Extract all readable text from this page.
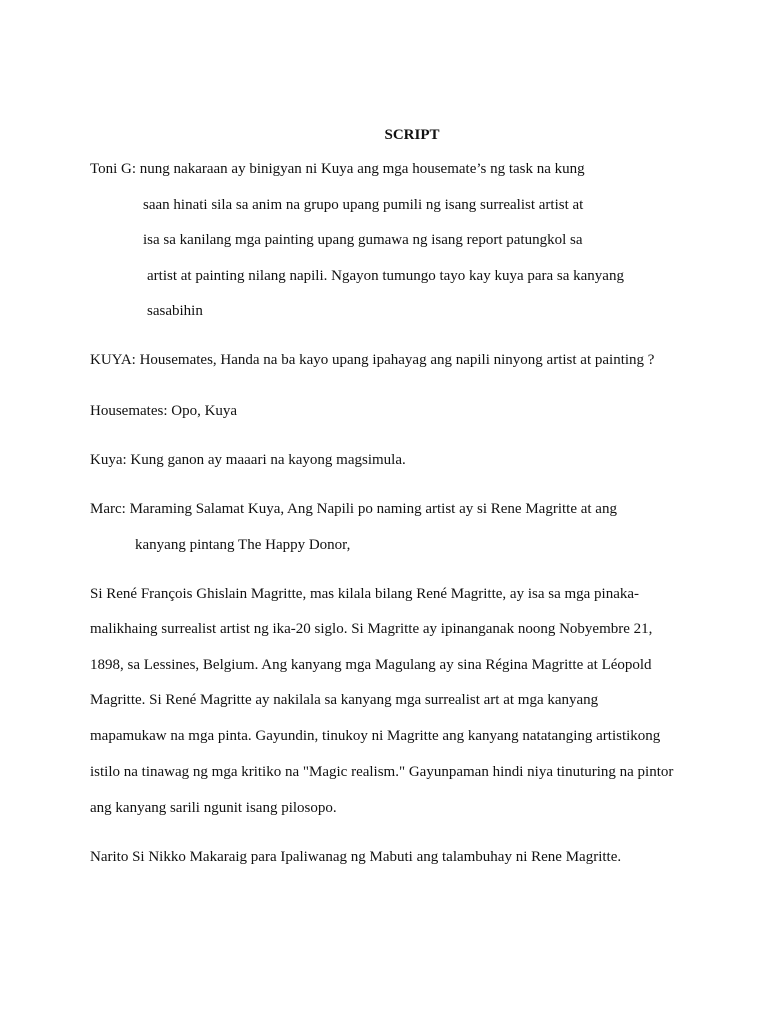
SCRIPT
Toni G: nung nakaraan ay binigyan ni Kuya ang mga housemate’s ng task na kung
saan hinati sila sa anim na grupo upang pumili ng isang surrealist artist at
isa sa kanilang mga painting upang gumawa ng isang report patungkol sa
artist at painting nilang napili. Ngayon tumungo tayo kay kuya para sa kanyang
sasabihin
KUYA: Housemates, Handa na ba kayo upang ipahayag ang napili ninyong artist at painting ?
Housemates: Opo, Kuya
Kuya: Kung ganon ay maaari na kayong magsimula.
Marc: Maraming Salamat Kuya, Ang Napili po naming artist ay si Rene Magritte at ang
kanyang pintang The Happy Donor,
Si René François Ghislain Magritte, mas kilala bilang René Magritte, ay isa sa mga pinaka-
malikhaing surrealist artist ng ika-20 siglo. Si Magritte ay ipinanganak noong Nobyembre 21,
1898, sa Lessines, Belgium. Ang kanyang mga Magulang ay sina Régina Magritte at Léopold
Magritte. Si René Magritte ay nakilala sa kanyang mga surrealist art at mga kanyang
mapamukaw na mga pinta. Gayundin, tinukoy ni Magritte ang kanyang natatanging artistikong
istilo na tinawag ng mga kritiko na "Magic realism." Gayunpaman hindi niya tinuturing na pintor
ang kanyang sarili ngunit isang pilosopo.
Narito Si Nikko Makaraig para Ipaliwanag ng Mabuti ang talambuhay ni Rene Magritte.
